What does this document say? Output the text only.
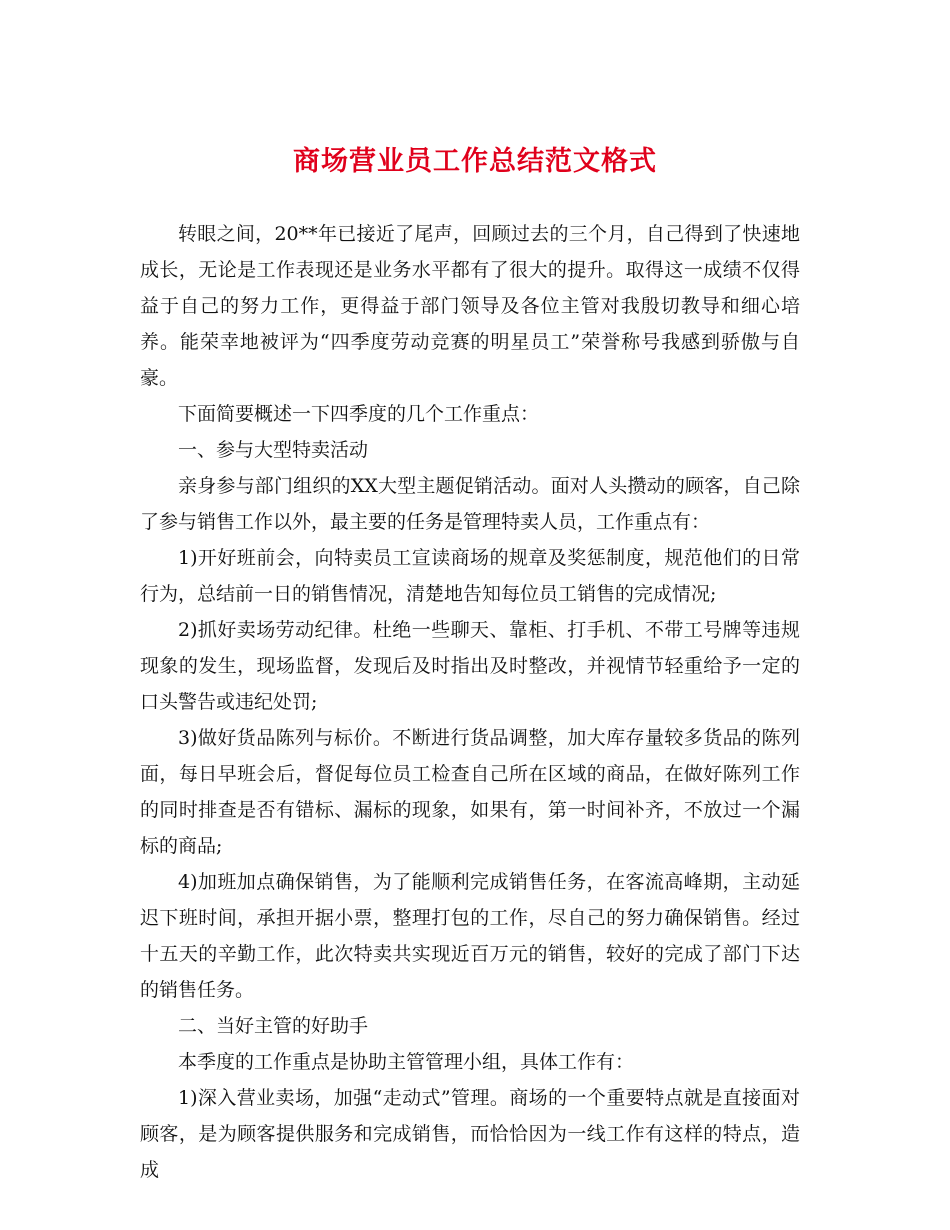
商场营业员工作总结范文格式

转眼之间，20**年已接近了尾声，回顾过去的三个月，自己得到了快速地成长，无论是工作表现还是业务水平都有了很大的提升。取得这一成绩不仅得益于自己的努力工作，更得益于部门领导及各位主管对我殷切教导和细心培养。能荣幸地被评为“四季度劳动竞赛的明星员工”荣誉称号我感到骄傲与自豪。

下面简要概述一下四季度的几个工作重点：

一、参与大型特卖活动

亲身参与部门组织的XX大型主题促销活动。面对人头攒动的顾客，自己除了参与销售工作以外，最主要的任务是管理特卖人员，工作重点有：

1)开好班前会，向特卖员工宣读商场的规章及奖惩制度，规范他们的日常行为，总结前一日的销售情况，清楚地告知每位员工销售的完成情况;

2)抓好卖场劳动纪律。杜绝一些聊天、靠柜、打手机、不带工号牌等违规现象的发生，现场监督，发现后及时指出及时整改，并视情节轻重给予一定的口头警告或违纪处罚;

3)做好货品陈列与标价。不断进行货品调整，加大库存量较多货品的陈列面，每日早班会后，督促每位员工检查自己所在区域的商品，在做好陈列工作的同时排查是否有错标、漏标的现象，如果有，第一时间补齐，不放过一个漏标的商品;

4)加班加点确保销售，为了能顺利完成销售任务，在客流高峰期，主动延迟下班时间，承担开据小票，整理打包的工作，尽自己的努力确保销售。经过十五天的辛勤工作，此次特卖共实现近百万元的销售，较好的完成了部门下达的销售任务。

二、当好主管的好助手

本季度的工作重点是协助主管管理小组，具体工作有：

1)深入营业卖场，加强“走动式”管理。商场的一个重要特点就是直接面对顾客，是为顾客提供服务和完成销售，而恰恰因为一线工作有这样的特点，造成
